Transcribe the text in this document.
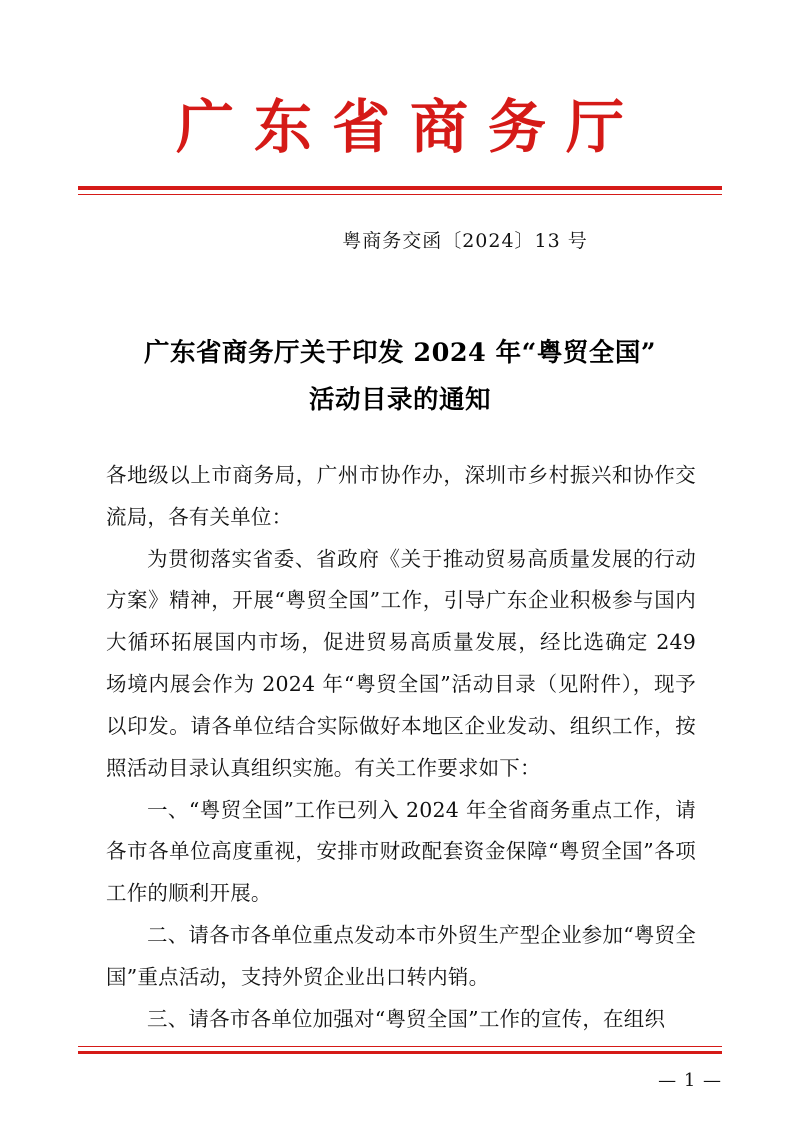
广东省商务厅
粤商务交函〔2024〕13 号
广东省商务厅关于印发 2024 年“粤贸全国”
活动目录的通知

各地级以上市商务局，广州市协作办，深圳市乡村振兴和协作交流局，各有关单位：

为贯彻落实省委、省政府《关于推动贸易高质量发展的行动方案》精神，开展“粤贸全国”工作，引导广东企业积极参与国内大循环拓展国内市场，促进贸易高质量发展，经比选确定 249 场境内展会作为 2024 年“粤贸全国”活动目录（见附件），现予以印发。请各单位结合实际做好本地区企业发动、组织工作，按照活动目录认真组织实施。有关工作要求如下：

一、“粤贸全国”工作已列入 2024 年全省商务重点工作，请各市各单位高度重视，安排市财政配套资金保障“粤贸全国”各项工作的顺利开展。

二、请各市各单位重点发动本市外贸生产型企业参加“粤贸全国”重点活动，支持外贸企业出口转内销。

三、请各市各单位加强对“粤贸全国”工作的宣传，在组织

— 1 —
